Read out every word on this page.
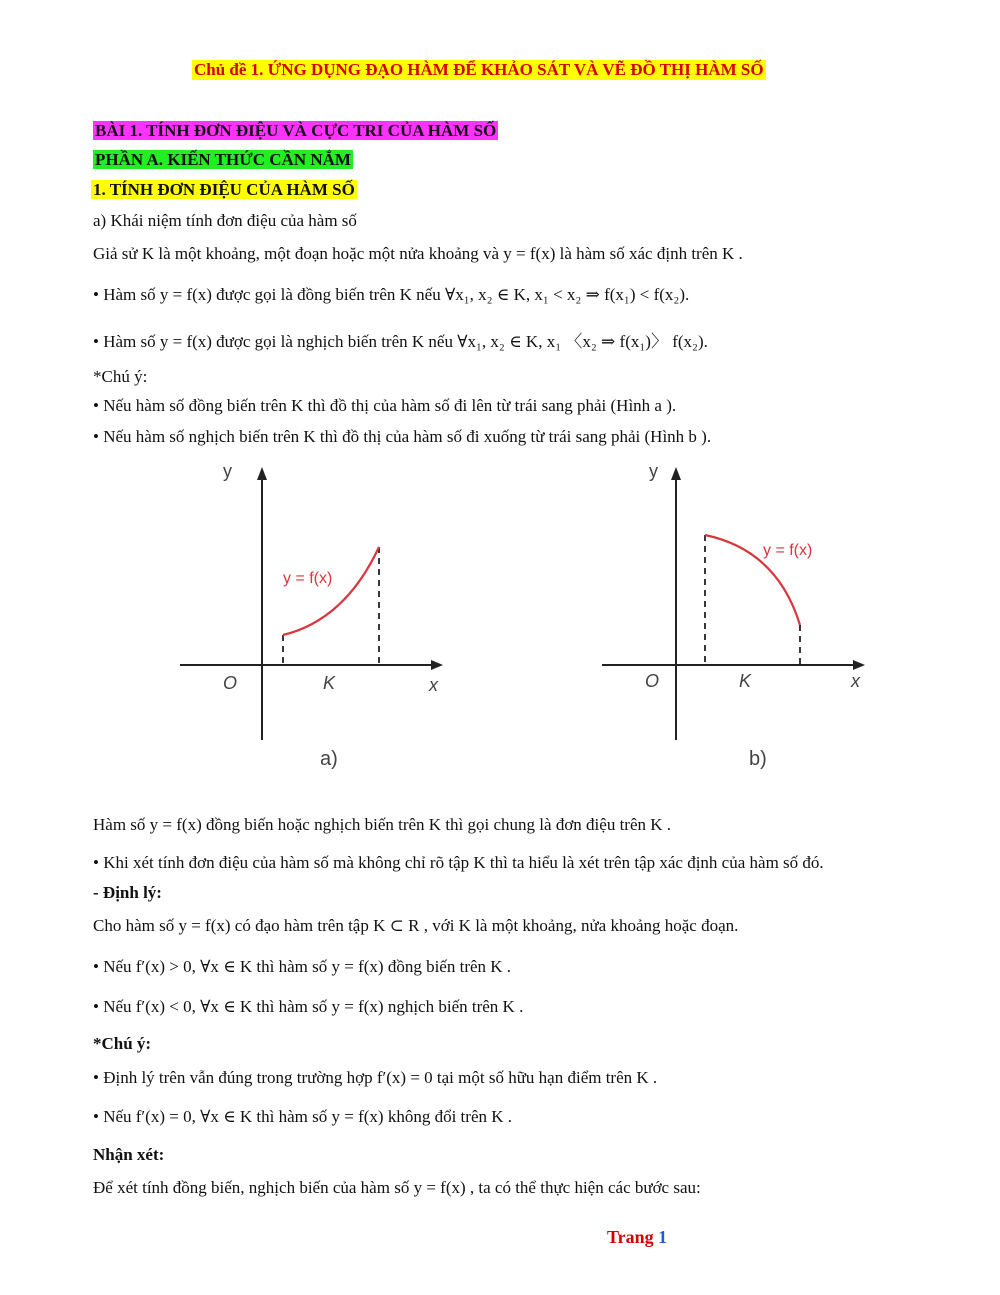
Chủ đề 1. ỨNG DỤNG ĐẠO HÀM ĐỂ KHẢO SÁT VÀ VẼ ĐỒ THỊ HÀM SỐ
BÀI 1. TÍNH ĐƠN ĐIỆU VÀ CỰC TRI CỦA HÀM SỐ
PHẦN A. KIẾN THỨC CẦN NẮM
1. TÍNH ĐƠN ĐIỆU CỦA HÀM SỐ
a) Khái niệm tính đơn điệu của hàm số
Giả sử K là một khoảng, một đoạn hoặc một nửa khoảng và y = f(x) là hàm số xác định trên K .
• Hàm số y = f(x) được gọi là đồng biến trên K nếu ∀x₁, x₂ ∈ K, x₁ < x₂ ⇒ f(x₁) < f(x₂).
• Hàm số y = f(x) được gọi là nghịch biến trên K nếu ∀x₁, x₂ ∈ K, x₁ 〈x₂ ⇒ f(x₁)〉 f(x₂).
*Chú ý:
• Nếu hàm số đồng biến trên K thì đồ thị của hàm số đi lên từ trái sang phải (Hình a ).
• Nếu hàm số nghịch biến trên K thì đồ thị của hàm số đi xuống từ trái sang phải (Hình b ).
y
x
O	K
y = f(x)
a)
y
x
O	K
y = f(x)
b)
Hàm số y = f(x) đồng biến hoặc nghịch biến trên K thì gọi chung là đơn điệu trên K .
• Khi xét tính đơn điệu của hàm số mà không chỉ rõ tập K thì ta hiểu là xét trên tập xác định của hàm số đó.
- Định lý:
Cho hàm số y = f(x) có đạo hàm trên tập K ⊂ R , với K là một khoảng, nửa khoảng hoặc đoạn.
• Nếu f′(x) > 0, ∀x ∈ K thì hàm số y = f(x) đồng biến trên K .
• Nếu f′(x) < 0, ∀x ∈ K thì hàm số y = f(x) nghịch biến trên K .
*Chú ý:
• Định lý trên vẫn đúng trong trường hợp f′(x) = 0 tại một số hữu hạn điểm trên K .
• Nếu f′(x) = 0, ∀x ∈ K thì hàm số y = f(x) không đổi trên K .
Nhận xét:
Để xét tính đồng biến, nghịch biến của hàm số y = f(x) , ta có thể thực hiện các bước sau:
Trang 1
